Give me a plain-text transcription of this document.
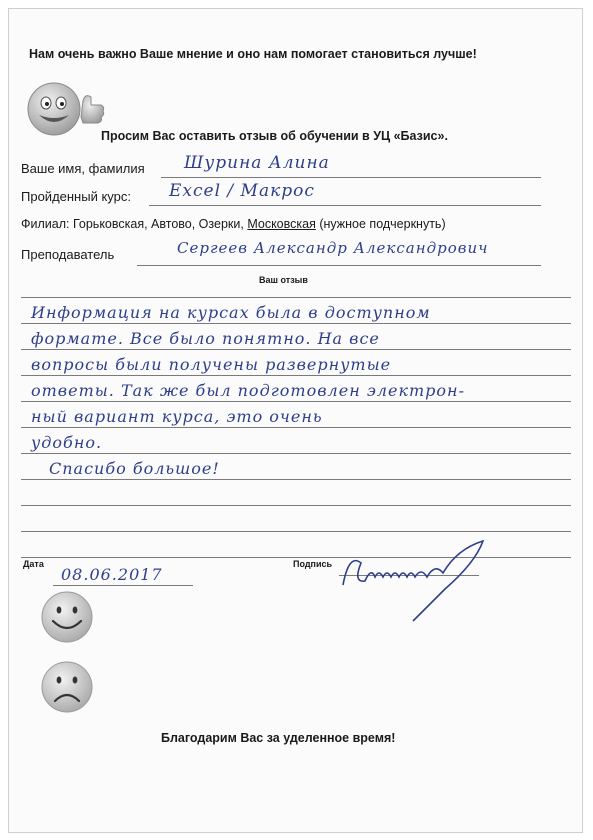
Нам очень важно Ваше мнение и оно нам помогает становиться лучше!
Просим Вас оставить отзыв об обучении в УЦ «Базис».
Ваше имя, фамилия Шурина Алина
Пройденный курс: Excel / Макрос
Филиал: Горьковская, Автово, Озерки, Московская (нужное подчеркнуть)
Преподаватель	Сергеев Александр Александрович
Ваш отзыв
Информация на курсах была в доступном
формате. Все было понятно. На все
вопросы были получены развернутые
ответы. Так же был подготовлен электрон-
ный вариант курса, это очень
удобно.
Спасибо большое!
Дата
08.06.2017
Подпись
Благодарим Вас за уделенное время!
